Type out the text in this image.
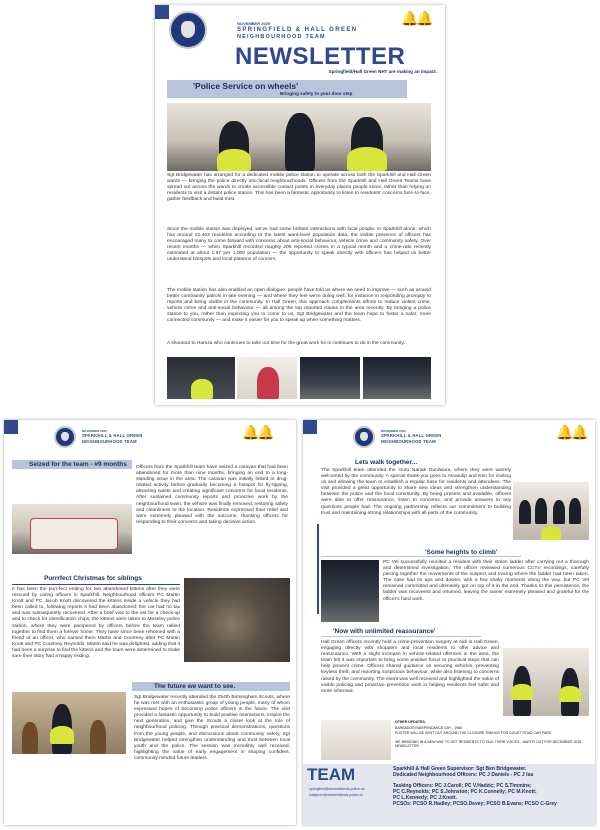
🔔🔔

NOVEMBER 2025

SPRINGFIELD & HALL GREEN

NEIGHBOURHOOD TEAM

NEWSLETTER

Springfield/Hall Green NHT are making an impact.

'Police Service on wheels'

Bringing safety to your door step

Sgt Bridgewater has arranged for a dedicated mobile police station to operate across both the Sparkhill and Hall Green wards — bringing the police directly into local neighbourhoods. Officers from the Sparkhill and Hall Green Teams have spread out across the wards to create accessible contact points in everyday places people know, rather than relying on residents to visit a distant police station. This has been a fantastic opportunity to listen to residents' concerns face-to-face, gather feedback and build trust.

Since the mobile station was deployed, we've had some brilliant interactions with local people. In Sparkhill alone, which has around 21,463 residents according to the latest ward-level population data, the visible presence of officers has encouraged many to come forward with concerns about anti-social behaviour, vehicle crime and community safety. Over recent months — when Sparkhill recorded roughly 209 reported crimes in a typical month and a crime-rate recently estimated at about 1.97 per 1,000 population — the opportunity to speak directly with officers has helped us better understand hotspots and local patterns of concern.

The mobile station has also enabled an open dialogue: people have told us where we need to improve — such as around better community patrols in late evening — and where they feel we're doing well, for instance in responding promptly to reports and being visible in the community. In Hall Green, this approach complements efforts to reduce violent crime, vehicle crime and anti-social behaviour — all among the top reported issues in the area recently. By bringing a police station to you, rather than expecting you to come to us, Sgt Bridgewater and the team hope to foster a safer, more connected community — and make it easier for you to speak up when something matters.

A shoutout to Hamza who continues to take out time for the great work he is continues to do in the community.

NOVEMBER 2025

SPARKHILL & HALL GREEN

NEIGHBOURHOOD TEAM

🔔🔔

Seized for the team - #9 months Officers from the Sparkhill team have seized a caravan that had been abandoned for more than nine months, bringing an end to a long-standing issue in the area. The caravan was initially linked to drug-related activity before gradually becoming a hotspot for fly-tipping, attracting waste and creating significant concerns for local residents. After sustained community reports and proactive work by the neighbourhood team, the vehicle was finally removed, restoring safety and cleanliness to the location. Residents expressed their relief and were extremely pleased with the outcome, thanking officers for responding to their concerns and taking decisive action.

Purrrfect Christmas for siblings

It has been the purr-fect ending for two abandoned kittens after they were rescued by caring officers in Sparkhill. Neighbourhood officers PC Martin Knott and PC Jacob Knott discovered the kittens inside a vehicle they had been called to, following reports it had been abandoned; the car had no tax and was subsequently recovered. After a brief visit to the vet for a check-up and to check for identification chips, the kittens were taken to Moseley police station, where they were pampered by officers before the team rallied together to find them a forever home. They have since been rehomed with a friend of an officer, who named them Martin and Courtney after PC Martin Knott and PC Courtney Reynolds. Martin said he was delighted, adding that it had been a surprise to find the kittens and the team were determined to make sure their story had a happy ending.

The future we want to see.

Sgt Bridgewater recently attended the 254th Birmingham Scouts, where he was met with an enthusiastic group of young people, many of whom expressed hopes of becoming police officers in the future. The visit provided a fantastic opportunity to build positive interactions, inspire the next generation, and give the Scouts a closer look at the role of neighbourhood policing. Through practical demonstrations, questions from the young people, and discussions about community safety, Sgt Bridgewater helped strengthen understanding and trust between local youth and the police. The session was incredibly well received, highlighting the value of early engagement in shaping confident, community-minded future leaders.

NOVEMBER 2025

SPARKHILL & HALL GREEN

NEIGHBOURHOOD TEAM

🔔🔔

Lets walk together...

The Sparkhill team attended the Guru Nanak Gurdwara, where they were warmly welcomed by the community. A special thank-you goes to Amandip and Ken for inviting us and allowing the team to establish a regular base for residents and attendees. The visit provided a great opportunity to share new ideas and strengthen understanding between the police and the local community. By being present and available, officers were able to offer reassurance, listen to concerns, and provide answers to any questions people had. The ongoing partnership reflects our commitment to building trust and maintaining strong relationships with all parts of the community.

'Some heights to climb'

PC Vel successfully reunited a resident with their stolen ladder after carrying out a thorough and determined investigation. The officer reviewed numerous CCTV recordings, carefully piecing together the movements of the suspect and tracing where the ladder had been taken. The case had its ups and downs, with a few shaky moments along the way, but PC Vel remained committed and ultimately got on top of it in the end. Thanks to this persistence, the ladder was recovered and returned, leaving the owner extremely pleased and grateful for the officer's hard work.

'Now with unlimited reassurance'

Hall Green officers recently held a crime-prevention surgery at Aldi in Hall Green, engaging directly with shoppers and local residents to offer advice and reassurance. With a slight increase in vehicle-related offences in the area, the team felt it was important to bring some positive focus to practical steps that can help prevent crime. Officers shared guidance on securing vehicles, preventing keyless theft, and reporting suspicious behaviour, while also listening to concerns raised by the community. The event was well received and highlighted the value of visible policing and proactive prevention work in helping residents feel safer and more informed.

OTHER UPDATES:

BARBADOS INDEPENDANCE DAY - 1966

POSTER WILL BE SENT OUT AROUND THE CLOSURE TIMINGS FOR COURT ROAD CAR PARK

WE BRINGING IN A NEW WAY TO GET RESIDENTS TO TALK THEIR VOICES - WATCH OUT FOR DECEMBER 2025 NEWSLETTER

TEAM

springfield@westmidlands.police.uk

hallgreen@westmidlands.police.uk

Sparkhill & Hall Green Supervisor: Sgt Ben Bridgewater.

Dedicated Neighbourhood Officers: PC J Daniels - PC J Isa

Tasking Officers: PC J.Caroll; PC V.Hadzic; PC S.Timmins;

PC C.Reynolds; PC S.Johnston; PC K.Connelly; PC M.Knott;

PC L.Kennedy; PC J.Knott.

PCSOs: PCSO R.Hadley; PCSO.Devey; PCSO B.Evans; PCSO C-Grey
